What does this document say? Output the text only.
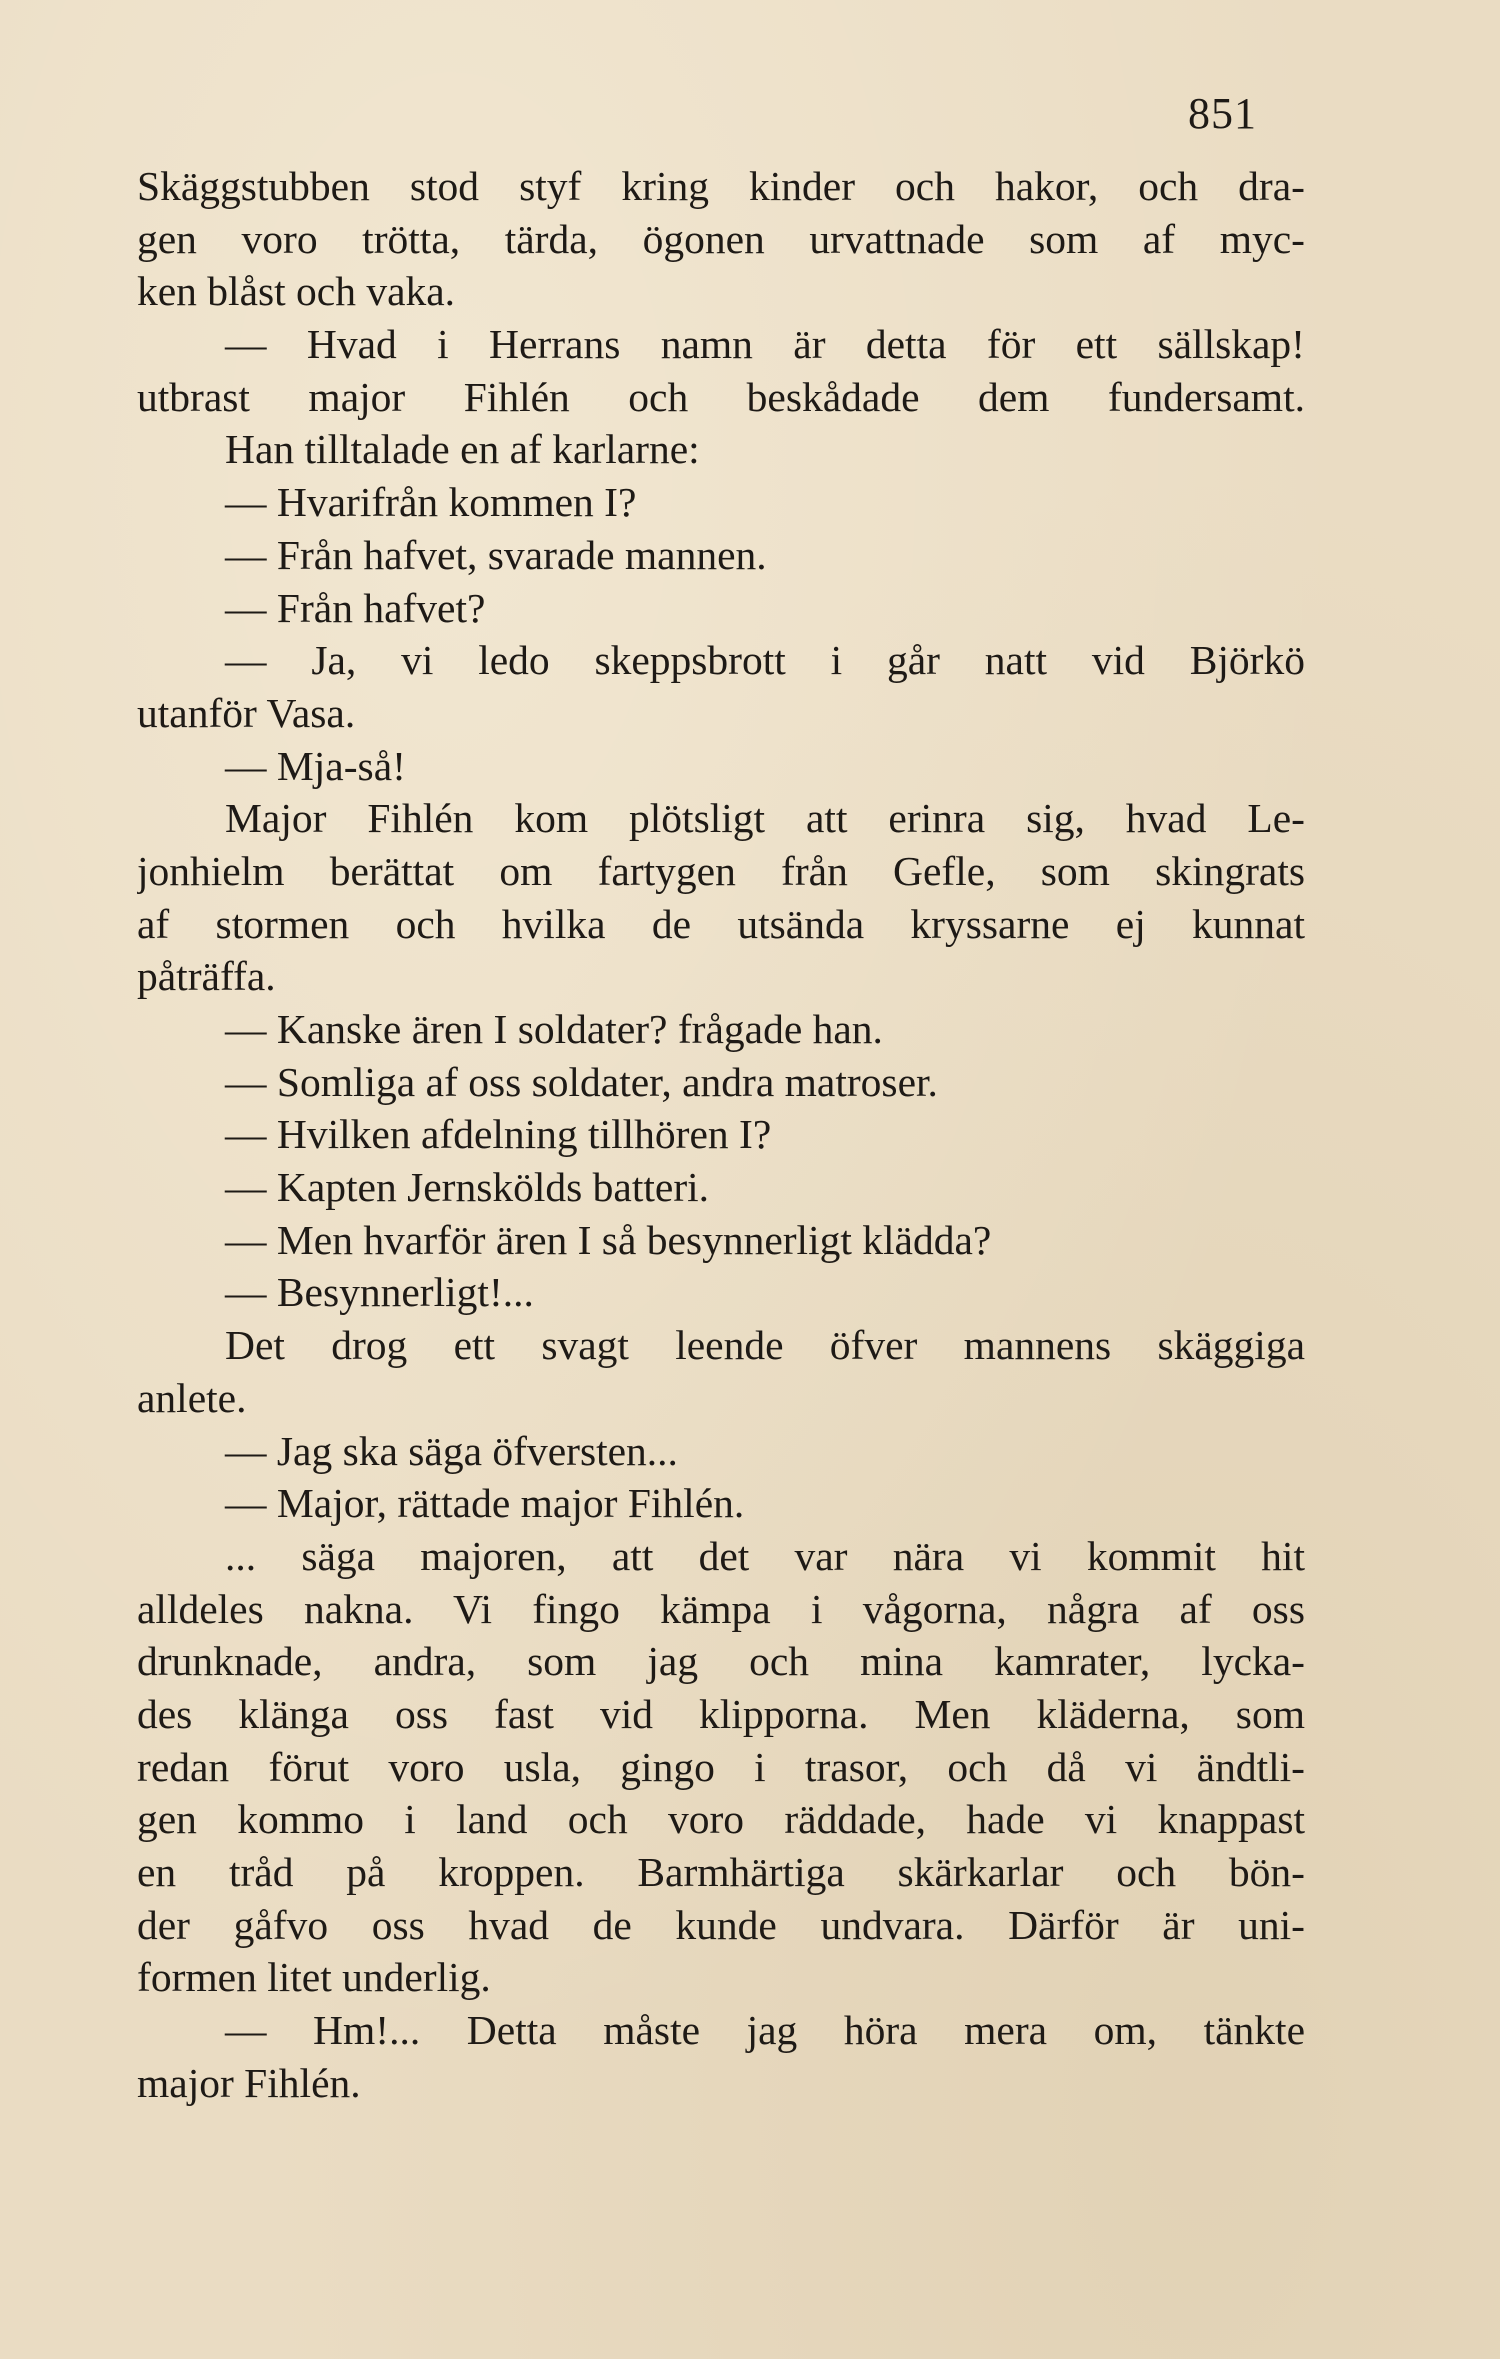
851
Skäggstubben stod styf kring kinder och hakor, och dra-
gen voro trötta, tärda, ögonen urvattnade som af myc-
ken blåst och vaka.
— Hvad i Herrans namn är detta för ett sällskap!
utbrast major Fihlén och beskådade dem fundersamt.
Han tilltalade en af karlarne:
— Hvarifrån kommen I?
— Från hafvet, svarade mannen.
— Från hafvet?
— Ja, vi ledo skeppsbrott i går natt vid Björkö
utanför Vasa.
— Mja-så!
Major Fihlén kom plötsligt att erinra sig, hvad Le-
jonhielm berättat om fartygen från Gefle, som skingrats
af stormen och hvilka de utsända kryssarne ej kunnat
påträffa.
— Kanske ären I soldater? frågade han.
— Somliga af oss soldater, andra matroser.
— Hvilken afdelning tillhören I?
— Kapten Jernskölds batteri.
— Men hvarför ären I så besynnerligt klädda?
— Besynnerligt!...
Det drog ett svagt leende öfver mannens skäggiga
anlete.
— Jag ska säga öfversten...
— Major, rättade major Fihlén.
... säga majoren, att det var nära vi kommit hit
alldeles nakna. Vi fingo kämpa i vågorna, några af oss
drunknade, andra, som jag och mina kamrater, lycka-
des klänga oss fast vid klipporna. Men kläderna, som
redan förut voro usla, gingo i trasor, och då vi ändtli-
gen kommo i land och voro räddade, hade vi knappast
en tråd på kroppen. Barmhärtiga skärkarlar och bön-
der gåfvo oss hvad de kunde undvara. Därför är uni-
formen litet underlig.
— Hm!... Detta måste jag höra mera om, tänkte
major Fihlén.
